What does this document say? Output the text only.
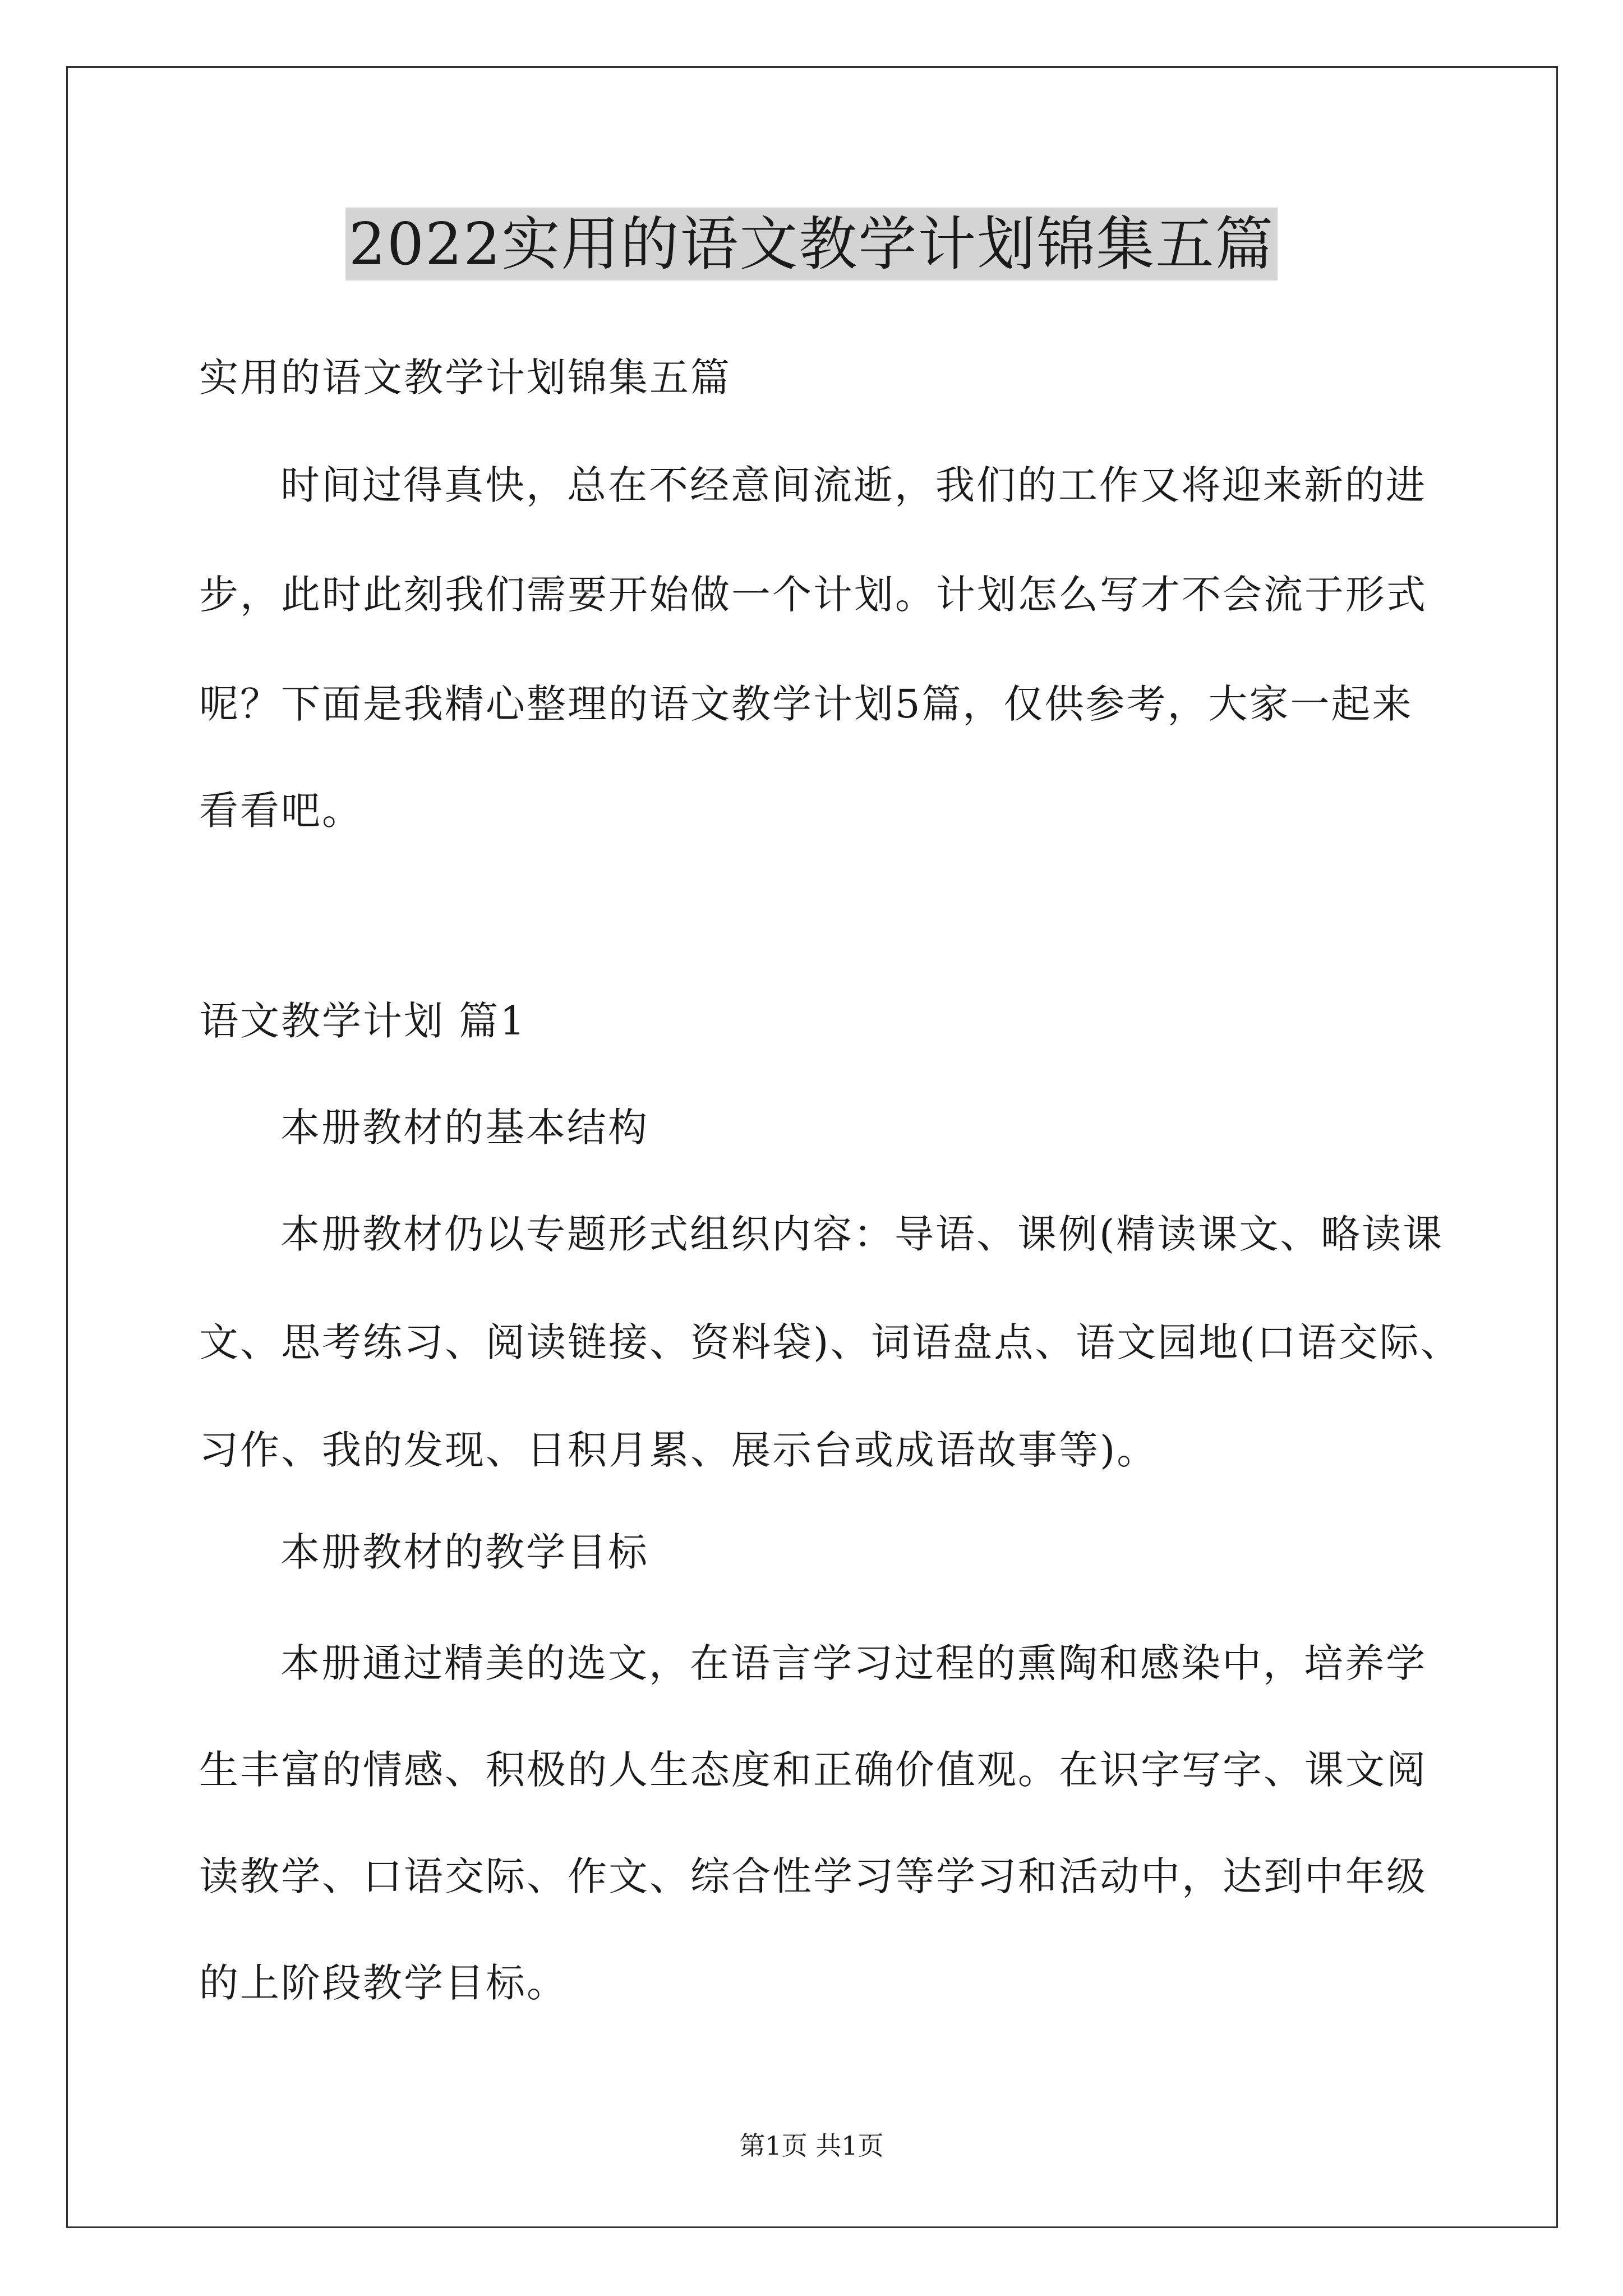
2022实用的语文教学计划锦集五篇
实用的语文教学计划锦集五篇
时间过得真快，总在不经意间流逝，我们的工作又将迎来新的进
步，此时此刻我们需要开始做一个计划。计划怎么写才不会流于形式
呢？下面是我精心整理的语文教学计划5篇，仅供参考，大家一起来
看看吧。
语文教学计划 篇1
本册教材的基本结构
本册教材仍以专题形式组织内容：导语、课例(精读课文、略读课
文、思考练习、阅读链接、资料袋)、词语盘点、语文园地(口语交际、
习作、我的发现、日积月累、展示台或成语故事等)。
本册教材的教学目标
本册通过精美的选文，在语言学习过程的熏陶和感染中，培养学
生丰富的情感、积极的人生态度和正确价值观。在识字写字、课文阅
读教学、口语交际、作文、综合性学习等学习和活动中，达到中年级
的上阶段教学目标。
第1页 共1页
